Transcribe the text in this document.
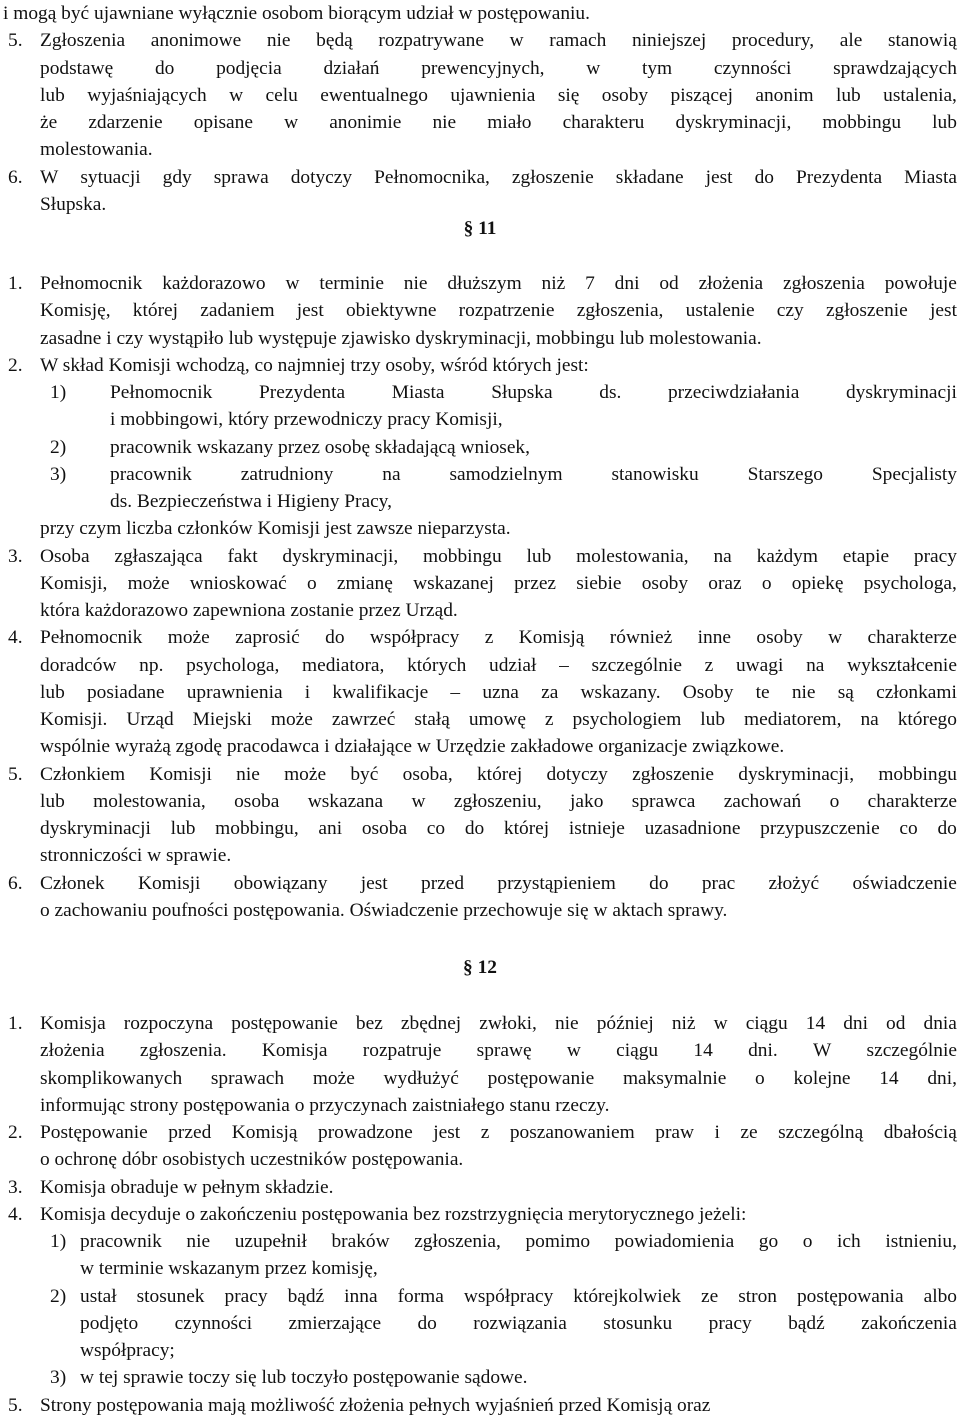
i mogą być ujawniane wyłącznie osobom biorącym udział w postępowaniu.
5. Zgłoszenia anonimowe nie będą rozpatrywane w ramach niniejszej procedury, ale stanowią
podstawę do podjęcia działań prewencyjnych, w tym czynności sprawdzających
lub wyjaśniających w celu ewentualnego ujawnienia się osoby piszącej anonim lub ustalenia,
że zdarzenie opisane w anonimie nie miało charakteru dyskryminacji, mobbingu lub
molestowania.
6. W sytuacji gdy sprawa dotyczy Pełnomocnika, zgłoszenie składane jest do Prezydenta Miasta
Słupska.
§ 11
1. Pełnomocnik każdorazowo w terminie nie dłuższym niż 7 dni od złożenia zgłoszenia powołuje
Komisję, której zadaniem jest obiektywne rozpatrzenie zgłoszenia, ustalenie czy zgłoszenie jest
zasadne i czy wystąpiło lub występuje zjawisko dyskryminacji, mobbingu lub molestowania.
2. W skład Komisji wchodzą, co najmniej trzy osoby, wśród których jest:
1) Pełnomocnik Prezydenta Miasta Słupska ds. przeciwdziałania dyskryminacji
i mobbingowi, który przewodniczy pracy Komisji,
2) pracownik wskazany przez osobę składającą wniosek,
3) pracownik	zatrudniony	na	samodzielnym	stanowisku	Starszego	Specjalisty
ds. Bezpieczeństwa i Higieny Pracy,
przy czym liczba członków Komisji jest zawsze nieparzysta.
3. Osoba zgłaszająca fakt dyskryminacji, mobbingu lub molestowania, na każdym etapie pracy
Komisji, może wnioskować o zmianę wskazanej przez siebie osoby oraz o opiekę psychologa,
która każdorazowo zapewniona zostanie przez Urząd.
4. Pełnomocnik może zaprosić do współpracy z Komisją również inne osoby w charakterze
doradców np. psychologa, mediatora, których udział – szczególnie z uwagi na wykształcenie
lub posiadane uprawnienia i kwalifikacje – uzna za wskazany. Osoby te nie są członkami
Komisji. Urząd Miejski może zawrzeć stałą umowę z psychologiem lub mediatorem, na którego
wspólnie wyrażą zgodę pracodawca i działające w Urzędzie zakładowe organizacje związkowe.
5. Członkiem Komisji nie może być osoba, której dotyczy zgłoszenie dyskryminacji, mobbingu
lub molestowania, osoba wskazana w zgłoszeniu, jako sprawca zachowań o charakterze
dyskryminacji lub mobbingu, ani osoba co do której istnieje uzasadnione przypuszczenie co do
stronniczości w sprawie.
6. Członek Komisji obowiązany jest przed przystąpieniem do prac złożyć oświadczenie
o zachowaniu poufności postępowania. Oświadczenie przechowuje się w aktach sprawy.
§ 12
1. Komisja rozpoczyna postępowanie bez zbędnej zwłoki, nie później niż w ciągu 14 dni od dnia
złożenia zgłoszenia. Komisja rozpatruje sprawę w ciągu 14 dni. W szczególnie
skomplikowanych sprawach może wydłużyć postępowanie maksymalnie o kolejne 14 dni,
informując strony postępowania o przyczynach zaistniałego stanu rzeczy.
2. Postępowanie przed Komisją prowadzone jest z poszanowaniem praw i ze szczególną dbałością
o ochronę dóbr osobistych uczestników postępowania.
3. Komisja obraduje w pełnym składzie.
4. Komisja decyduje o zakończeniu postępowania bez rozstrzygnięcia merytorycznego jeżeli:
1) pracownik nie uzupełnił braków zgłoszenia, pomimo powiadomienia go o ich istnieniu,
w terminie wskazanym przez komisję,
2) ustał stosunek pracy bądź inna forma współpracy którejkolwiek ze stron postępowania albo
podjęto czynności zmierzające do rozwiązania stosunku pracy bądź zakończenia
współpracy;
3) w tej sprawie toczy się lub toczyło postępowanie sądowe.
5. Strony postępowania mają możliwość złożenia pełnych wyjaśnień przed Komisją oraz
